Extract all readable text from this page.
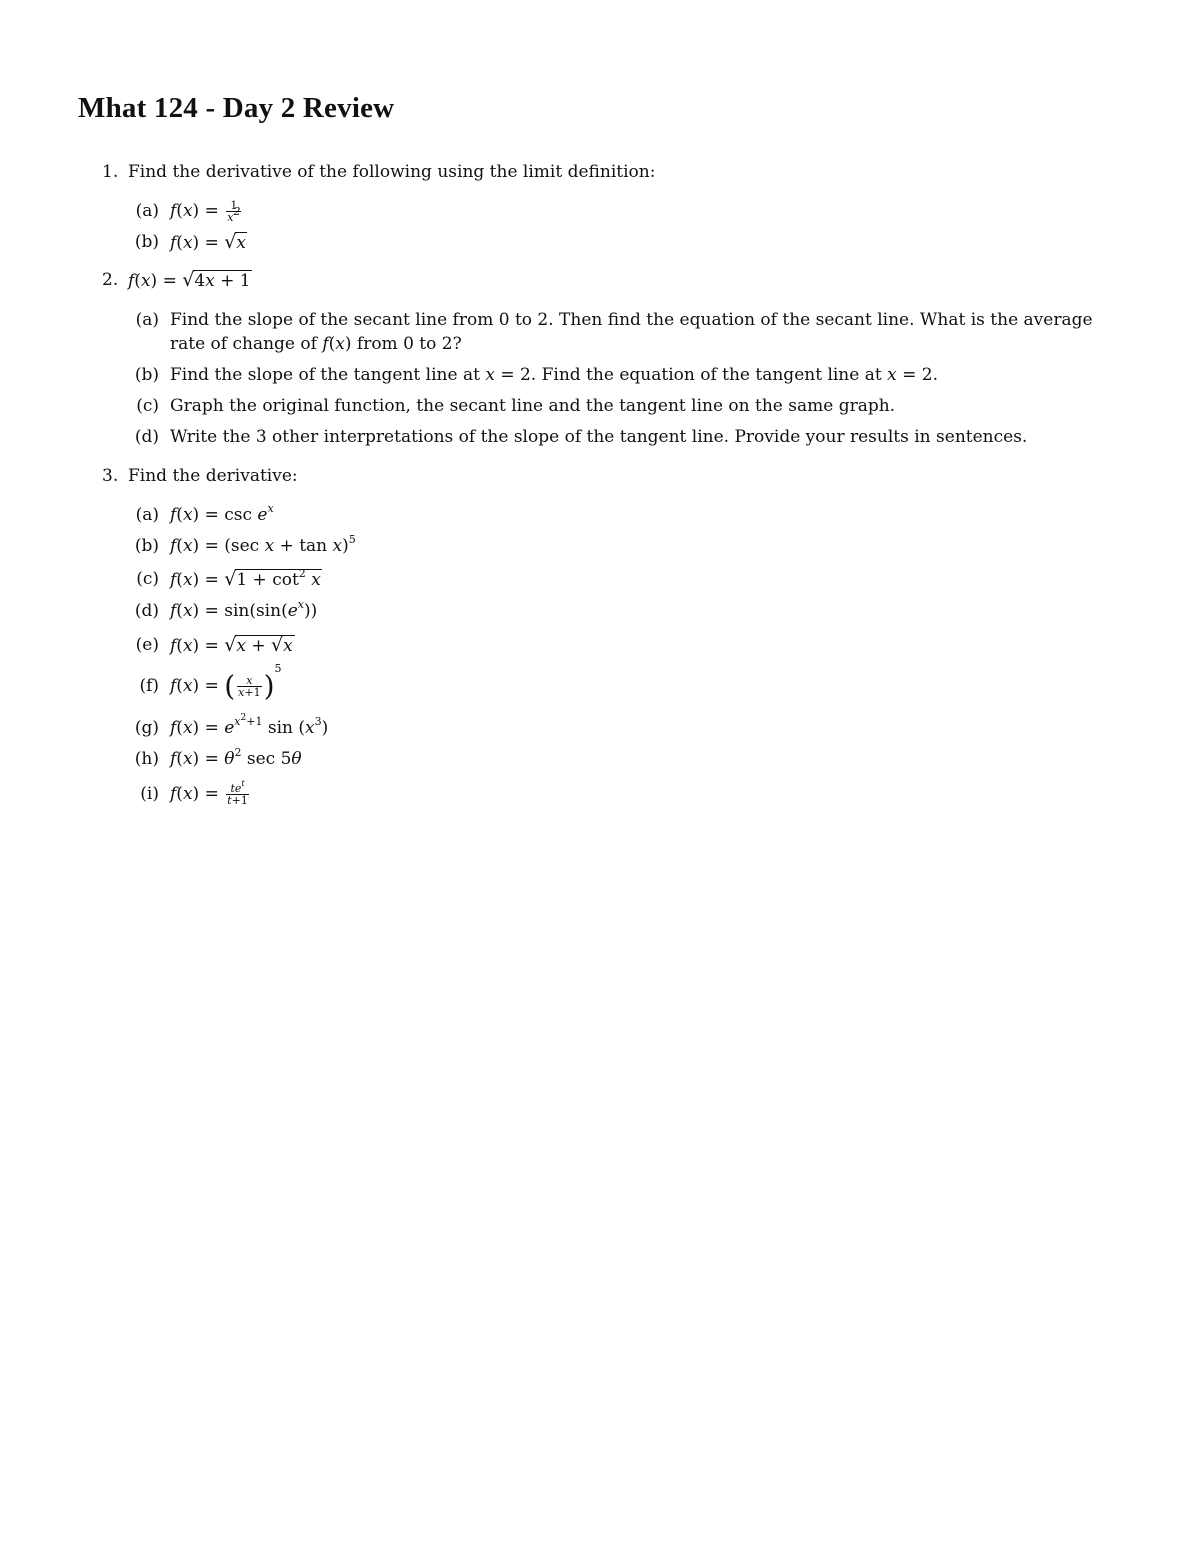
Mhat 124 - Day 2 Review
1. Find the derivative of the following using the limit definition:
(a) $f(x) = \frac{1}{x^2}$
(b) f(x) = √x
2. f(x) = √4x + 1
(a) Find the slope of the secant line from 0 to 2. Then find the equation of the secant line. What is the average
rate of change of f(x) from 0 to 2?
(b) Find the slope of the tangent line at x = 2. Find the equation of the tangent line at x = 2.
(c) Graph the original function, the secant line and the tangent line on the same graph.
(d) Write the 3 other interpretations of the slope of the tangent line. Provide your results in sentences.
3. Find the derivative:
(a) $f(x) = \csc e^x$
(b) f(x) = (sec x + tan x)$^5$
(c) $f(x) = √1 + \cot^2 x$
(d) $f(x) = \sin(\sin(e^x))$
(e) f(x) = √x + √x
(f) f(x) = ( $\frac{x}{x+1} )^5$
(g) $f(x) = e^{x^2+1}$ $\sin (x^3)$
(h) $f(x) = \theta^2$ sec 5θ
(i) $f(x) = \frac{te^t}{t+1}$
